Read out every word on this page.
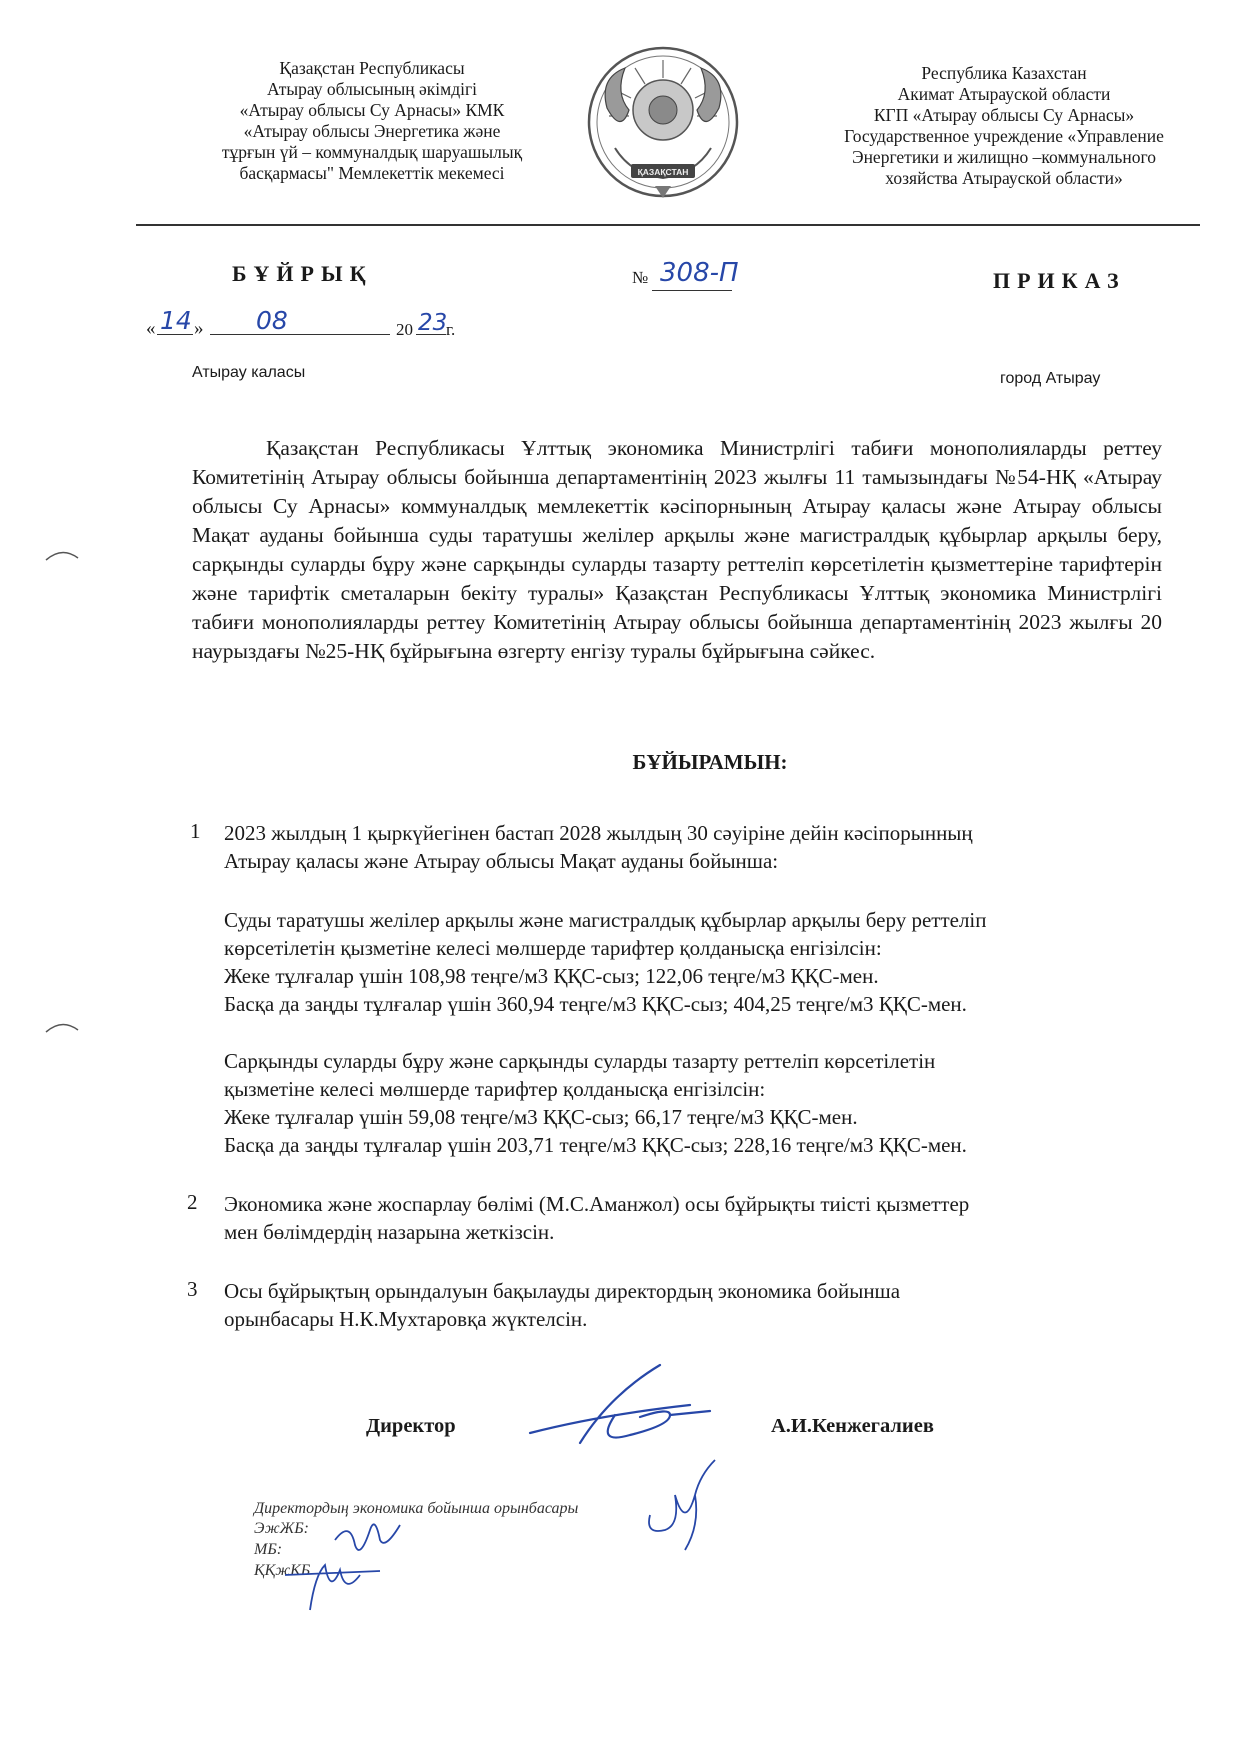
Қазақстан Республикасы
Атырау облысының әкімдігі
«Атырау облысы Су Арнасы» КМК
«Атырау облысы Энергетика және
тұрғын үй – коммуналдық шаруашылық
басқармасы" Мемлекеттік мекемесі	ҚАЗАҚСТАН
Республика Казахстан
Акимат Атырауской области
КГП «Атырау облысы Су Арнасы»
Государственное учреждение «Управление
Энергетики и жилищно –коммунального
хозяйства Атырауской области»
БҰЙРЫҚ	ПРИКАЗ
№ 308-П
« 14 » 08	20 23
г.
Атырау каласы	город Атырау
Қазақстан Республикасы Ұлттық экономика Министрлігі табиғи монополияларды реттеу Комитетінің Атырау облысы бойынша департаментінің 2023 жылғы 11 тамызындағы №54-НҚ «Атырау облысы Су Арнасы» коммуналдық мемлекеттік кәсіпорнының Атырау қаласы және Атырау облысы Мақат ауданы бойынша суды таратушы желілер арқылы және магистралдық құбырлар арқылы беру, сарқынды суларды бұру және сарқынды суларды тазарту реттеліп көрсетілетін қызметтеріне тарифтерін және тарифтік сметаларын бекіту туралы» Қазақстан Республикасы Ұлттық экономика Министрлігі табиғи монополияларды реттеу Комитетінің Атырау облысы бойынша департаментінің 2023 жылғы 20 наурыздағы №25-НҚ бұйрығына өзгерту енгізу туралы бұйрығына сәйкес.
БҰЙЫРАМЫН:
1 2023 жылдың 1 қыркүйегінен бастап 2028 жылдың 30 сәуіріне дейін кәсіпорынның
Атырау қаласы және Атырау облысы Мақат ауданы бойынша:
Суды таратушы желілер арқылы және магистралдық құбырлар арқылы беру реттеліп
көрсетілетін қызметіне келесі мөлшерде тарифтер қолданысқа енгізілсін:
Жеке тұлғалар үшін 108,98 теңге/м3 ҚҚС-сыз; 122,06 теңге/м3 ҚҚС-мен.
Басқа да заңды тұлғалар үшін 360,94 теңге/м3 ҚҚС-сыз; 404,25 теңге/м3 ҚҚС-мен.
Сарқынды суларды бұру және сарқынды суларды тазарту реттеліп көрсетілетін
қызметіне келесі мөлшерде тарифтер қолданысқа енгізілсін:
Жеке тұлғалар үшін 59,08 теңге/м3 ҚҚС-сыз; 66,17 теңге/м3 ҚҚС-мен.
Басқа да заңды тұлғалар үшін 203,71 теңге/м3 ҚҚС-сыз; 228,16 теңге/м3 ҚҚС-мен.
2 Экономика және жоспарлау бөлімі (М.С.Аманжол) осы бұйрықты тиісті қызметтер
мен бөлімдердің назарына жеткізсін.
3 Осы бұйрықтың орындалуын бақылауды директордың экономика бойынша
орынбасары Н.К.Мухтаровқа жүктелсін.
Директор	А.И.Кенжегалиев
Директордың экономика бойынша орынбасары
ЭжЖБ:
МБ:
ҚҚжКБ
